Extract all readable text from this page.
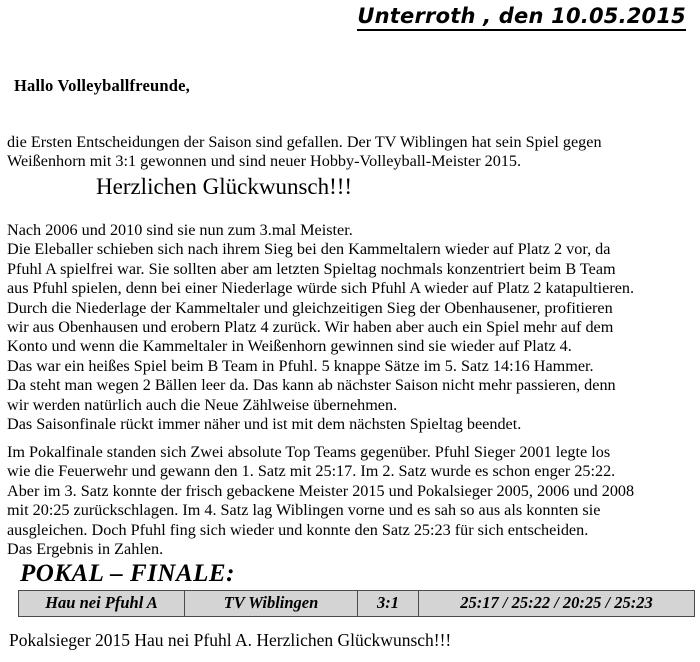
Unterroth , den 10.05.2015
Hallo Volleyballfreunde,

die Ersten Entscheidungen der Saison sind gefallen. Der TV Wiblingen hat sein Spiel gegen

Weißenhorn mit 3:1 gewonnen und sind neuer Hobby-Volleyball-Meister 2015.

Herzlichen Glückwunsch!!!

Nach 2006 und 2010 sind sie nun zum 3.mal Meister.

Die Eleballer schieben sich nach ihrem Sieg bei den Kammeltalern wieder auf Platz 2 vor, da

Pfuhl A spielfrei war. Sie sollten aber am letzten Spieltag nochmals konzentriert beim B Team

aus Pfuhl spielen, denn bei einer Niederlage würde sich Pfuhl A wieder auf Platz 2 katapultieren.

Durch die Niederlage der Kammeltaler und gleichzeitigen Sieg der Obenhausener, profitieren

wir aus Obenhausen und erobern Platz 4 zurück. Wir haben aber auch ein Spiel mehr auf dem

Konto und wenn die Kammeltaler in Weißenhorn gewinnen sind sie wieder auf Platz 4.

Das war ein heißes Spiel beim B Team in Pfuhl. 5 knappe Sätze im 5. Satz 14:16 Hammer.

Da steht man wegen 2 Bällen leer da. Das kann ab nächster Saison nicht mehr passieren, denn

wir werden natürlich auch die Neue Zählweise übernehmen.

Das Saisonfinale rückt immer näher und ist mit dem nächsten Spieltag beendet.

Im Pokalfinale standen sich Zwei absolute Top Teams gegenüber. Pfuhl Sieger 2001 legte los

wie die Feuerwehr und gewann den 1. Satz mit 25:17. Im 2. Satz wurde es schon enger 25:22.

Aber im 3. Satz konnte der frisch gebackene Meister 2015 und Pokalsieger 2005, 2006 und 2008

mit 20:25 zurückschlagen. Im 4. Satz lag Wiblingen vorne und es sah so aus als konnten sie

ausgleichen. Doch Pfuhl fing sich wieder und konnte den Satz 25:23 für sich entscheiden.

Das Ergebnis in Zahlen.

POKAL – FINALE:
Hau nei Pfuhl A	TV Wiblingen	3:1	25:17 / 25:22 / 20:25 / 25:23
Pokalsieger 2015 Hau nei Pfuhl A. Herzlichen Glückwunsch!!!
